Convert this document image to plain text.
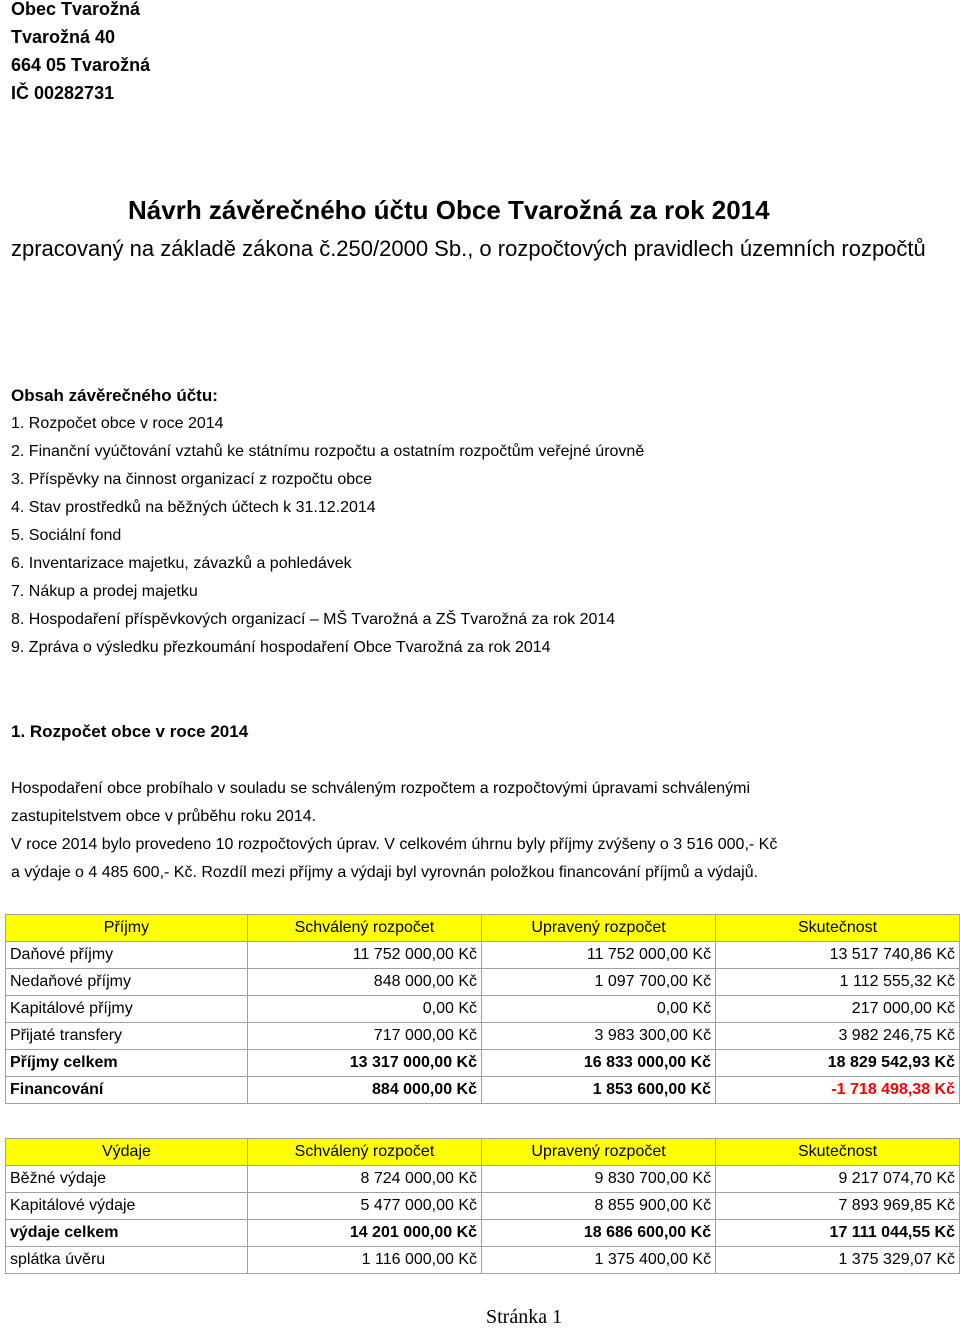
Obec Tvarožná
Tvarožná 40
664 05 Tvarožná
IČ 00282731
Návrh závěrečného účtu Obce Tvarožná za rok 2014
zpracovaný na základě zákona č.250/2000 Sb., o rozpočtových pravidlech územních rozpočtů
Obsah závěrečného účtu:
1. Rozpočet obce v roce 2014
2. Finanční vyúčtování vztahů ke státnímu rozpočtu a ostatním rozpočtům veřejné úrovně
3. Příspěvky na činnost organizací z rozpočtu obce
4. Stav prostředků na běžných účtech k 31.12.2014
5. Sociální fond
6. Inventarizace majetku, závazků a pohledávek
7. Nákup a prodej majetku
8. Hospodaření příspěvkových organizací – MŠ Tvarožná a ZŠ Tvarožná za rok 2014
9. Zpráva o výsledku přezkoumání hospodaření Obce Tvarožná za rok 2014
1. Rozpočet obce v roce 2014
Hospodaření obce probíhalo v souladu se schváleným rozpočtem a rozpočtovými úpravami schválenými
zastupitelstvem obce v průběhu roku 2014.
V roce 2014 bylo provedeno 10 rozpočtových úprav. V celkovém úhrnu byly příjmy zvýšeny o 3 516 000,- Kč
a výdaje o 4 485 600,- Kč. Rozdíl mezi příjmy a výdaji byl vyrovnán položkou financování příjmů a výdajů.
Příjmy	Schválený rozpočet	Upravený rozpočet	Skutečnost
Daňové příjmy	11 752 000,00 Kč	11 752 000,00 Kč	13 517 740,86 Kč
Nedaňové příjmy	848 000,00 Kč	1 097 700,00 Kč	1 112 555,32 Kč
Kapitálové příjmy	0,00 Kč	0,00 Kč	217 000,00 Kč
Přijaté transfery	717 000,00 Kč	3 983 300,00 Kč	3 982 246,75 Kč
Příjmy celkem	13 317 000,00 Kč	16 833 000,00 Kč	18 829 542,93 Kč
Financování	884 000,00 Kč	1 853 600,00 Kč	-1 718 498,38 Kč
Výdaje	Schválený rozpočet	Upravený rozpočet	Skutečnost
Běžné výdaje	8 724 000,00 Kč	9 830 700,00 Kč	9 217 074,70 Kč
Kapitálové výdaje	5 477 000,00 Kč	8 855 900,00 Kč	7 893 969,85 Kč
výdaje celkem	14 201 000,00 Kč	18 686 600,00 Kč	17 111 044,55 Kč
splátka úvěru	1 116 000,00 Kč	1 375 400,00 Kč	1 375 329,07 Kč
Stránka 1
